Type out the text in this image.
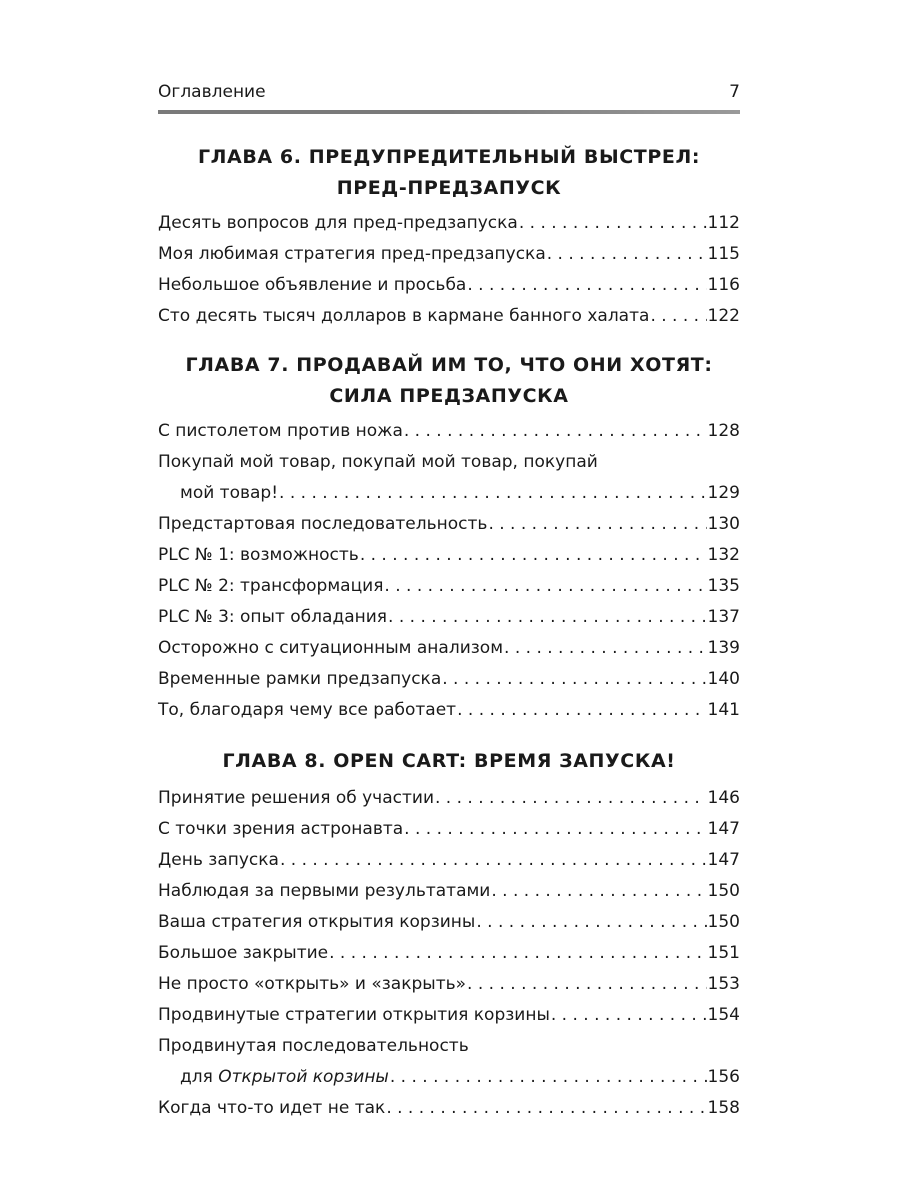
Оглавление	7
ГЛАВА 6. ПРЕДУПРЕДИТЕЛЬНЫЙ ВЫСТРЕЛ:
ПРЕД-ПРЕДЗАПУСК
Десять вопросов для пред-предзапуска . . .	112
Моя любимая стратегия пред-предзапуска . . .	115
Небольшое объявление и просьба . . .	116
Сто десять тысяч долларов в кармане банного халата . . .	122
ГЛАВА 7. ПРОДАВАЙ ИМ ТО, ЧТО ОНИ ХОТЯТ:
СИЛА ПРЕДЗАПУСКА
С пистолетом против ножа . . .	128
Покупай мой товар, покупай мой товар, покупай
мой товар! . . .	129
Предстартовая последовательность . . .	130
PLC № 1: возможность . . .	132
PLC № 2: трансформация . . .	135
PLC № 3: опыт обладания . . .	137
Осторожно с ситуационным анализом . . .	139
Временные рамки предзапуска . . .	140
То, благодаря чему все работает . . .	141
ГЛАВА 8. OPEN CART: ВРЕМЯ ЗАПУСКА!
Принятие решения об участии . . .	146
С точки зрения астронавта . . .	147
День запуска . . .	147
Наблюдая за первыми результатами . . .	150
Ваша стратегия открытия корзины . . .	150
Большое закрытие . . .	151
Не просто «открыть» и «закрыть» . . .	153
Продвинутые стратегии открытия корзины . . .	154
Продвинутая последовательность
для Открытой корзины . . .	156
Когда что-то идет не так . . .	158
